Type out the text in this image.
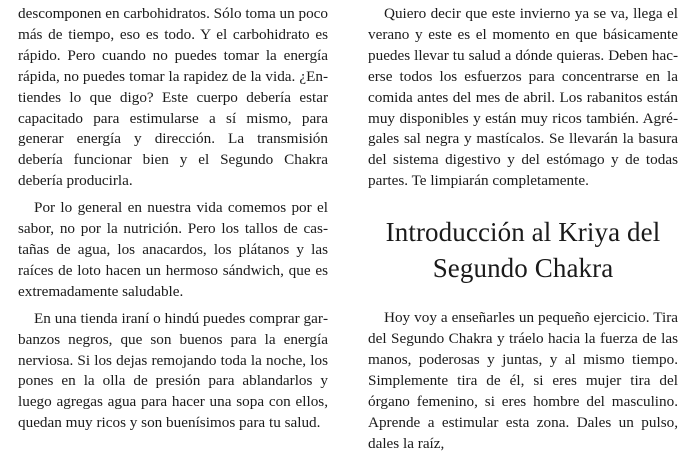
descomponen en carbohidratos. Sólo toma un poco más de tiempo, eso es todo. Y el carbohidrato es rápido. Pero cuando no puedes tomar la energía rápida, no puedes tomar la rapidez de la vida. ¿Entiendes lo que digo? Este cuerpo debería estar capacitado para estimularse a sí mismo, para generar energía y dirección. La transmisión debería funcionar bien y el Segundo Chakra debería producirla.

Por lo general en nuestra vida comemos por el sabor, no por la nutrición. Pero los tallos de castañas de agua, los anacardos, los plátanos y las raíces de loto hacen un hermoso sándwich, que es extremadamente saludable.

En una tienda iraní o hindú puedes comprar garbanzos negros, que son buenos para la energía nerviosa. Si los dejas remojando toda la noche, los pones en la olla de presión para ablandarlos y luego agregas agua para hacer una sopa con ellos, quedan muy ricos y son buenísimos para tu salud.

Quiero decir que este invierno ya se va, llega el verano y este es el momento en que básicamente puedes llevar tu salud a dónde quieras. Deben hacerse todos los esfuerzos para concentrarse en la comida antes del mes de abril. Los rabanitos están muy disponibles y están muy ricos también. Agrégales sal negra y mastícalos. Se llevarán la basura del sistema digestivo y del estómago y de todas partes. Te limpiarán completamente.

Introducción al Kriya del Segundo Chakra

Hoy voy a enseñarles un pequeño ejercicio. Tira del Segundo Chakra y tráelo hacia la fuerza de las manos, poderosas y juntas, y al mismo tiempo. Simplemente tira de él, si eres mujer tira del órgano femenino, si eres hombre del masculino. Aprende a estimular esta zona. Dales un pulso, dales la raíz,
